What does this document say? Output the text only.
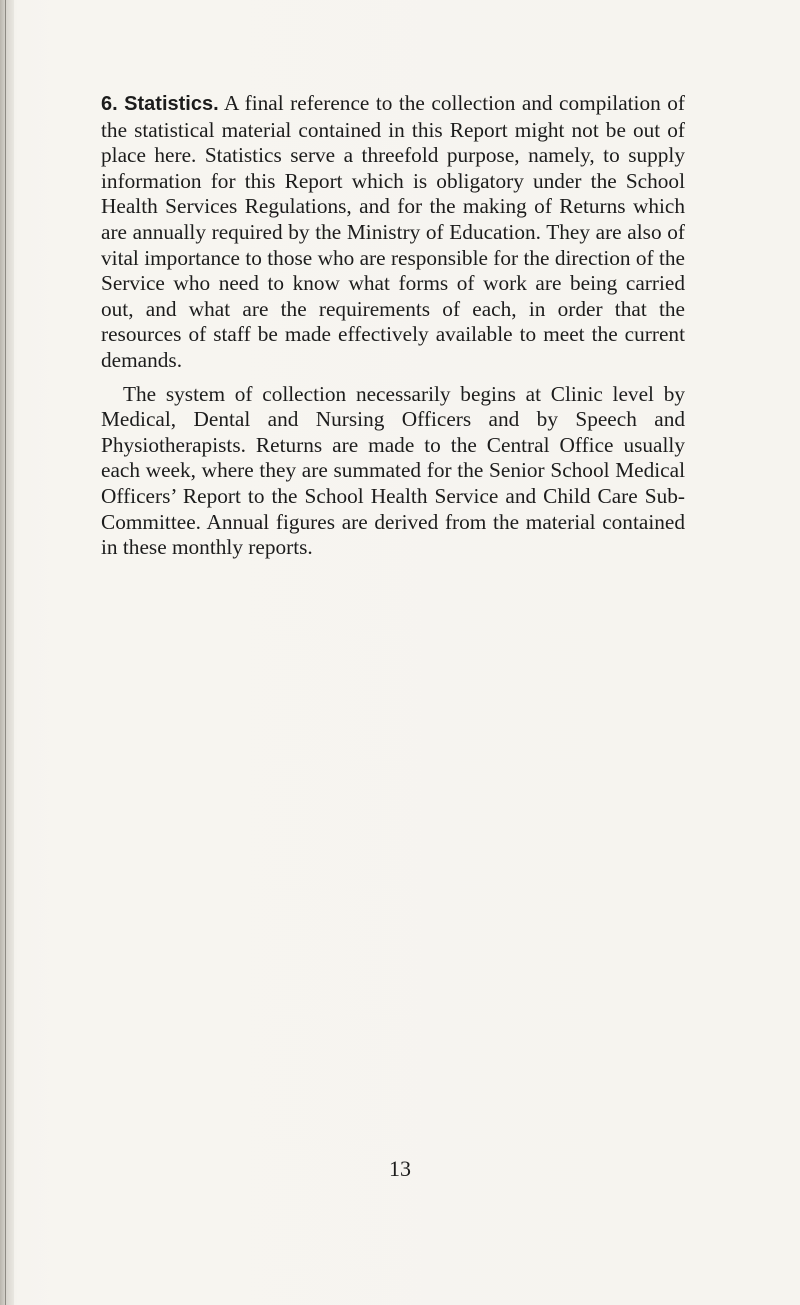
6. Statistics. A final reference to the collection and compilation of the statistical material contained in this Report might not be out of place here. Statistics serve a threefold purpose, namely, to supply information for this Report which is obligatory under the School Health Services Regulations, and for the making of Returns which are annually required by the Ministry of Education. They are also of vital importance to those who are responsible for the direction of the Service who need to know what forms of work are being carried out, and what are the requirements of each, in order that the resources of staff be made effectively available to meet the current demands.

The system of collection necessarily begins at Clinic level by Medical, Dental and Nursing Officers and by Speech and Physiotherapists. Returns are made to the Central Office usually each week, where they are summated for the Senior School Medical Officers’ Report to the School Health Service and Child Care Sub-Committee. Annual figures are derived from the material contained in these monthly reports.

13
